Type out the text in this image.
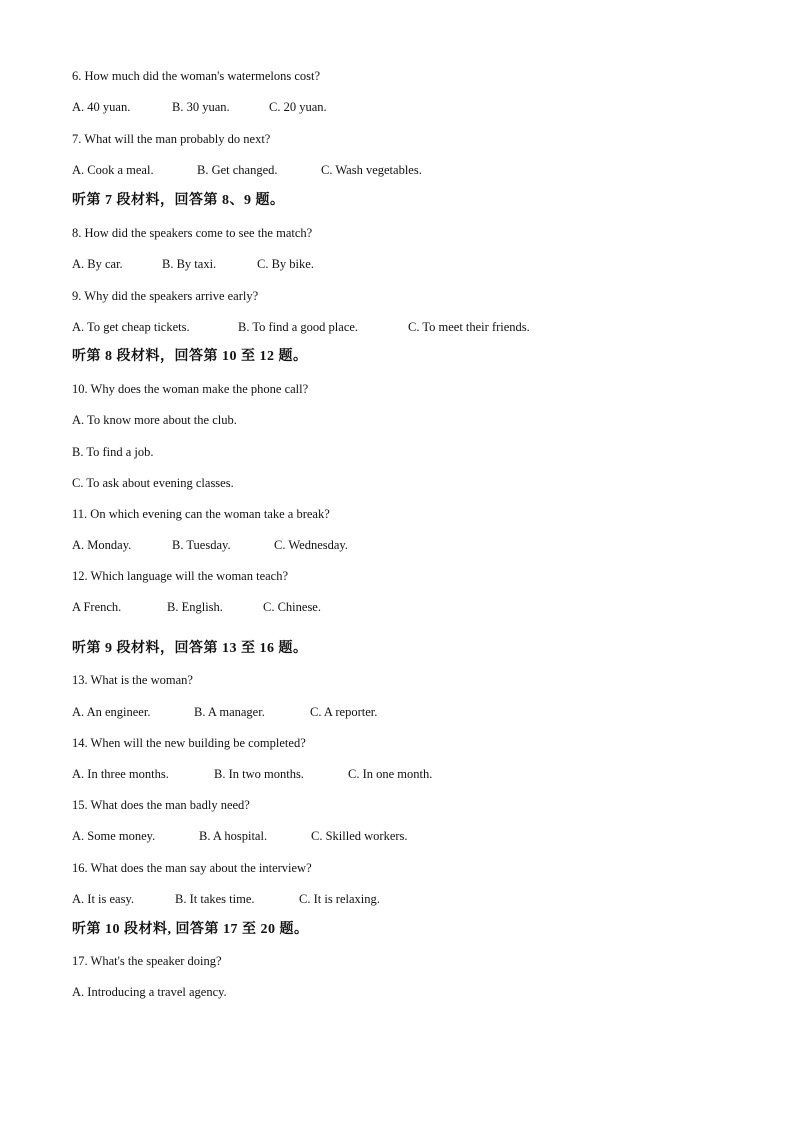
6. How much did the woman's watermelons cost?
A. 40 yuan.	B. 30 yuan.	C. 20 yuan.
7. What will the man probably do next?
A. Cook a meal.	B. Get changed.	C. Wash vegetables.
听第 7 段材料，回答第 8、9 题。
8. How did the speakers come to see the match?
A. By car.	B. By taxi.	C. By bike.
9. Why did the speakers arrive early?
A. To get cheap tickets.	B. To find a good place.	C. To meet their friends.
听第 8 段材料，回答第 10 至 12 题。
10. Why does the woman make the phone call?
A. To know more about the club.
B. To find a job.
C. To ask about evening classes.
11. On which evening can the woman take a break?
A. Monday.	B. Tuesday.	C. Wednesday.
12. Which language will the woman teach?
A French.	B. English.	C. Chinese.
听第 9 段材料，回答第 13 至 16 题。
13. What is the woman?
A. An engineer.	B. A manager.	C. A reporter.
14. When will the new building be completed?
A. In three months.	B. In two months.	C. In one month.
15. What does the man badly need?
A. Some money.	B. A hospital.	C. Skilled workers.
16. What does the man say about the interview?
A. It is easy.	B. It takes time.	C. It is relaxing.
听第 10 段材料, 回答第 17 至 20 题。
17. What's the speaker doing?
A. Introducing a travel agency.
